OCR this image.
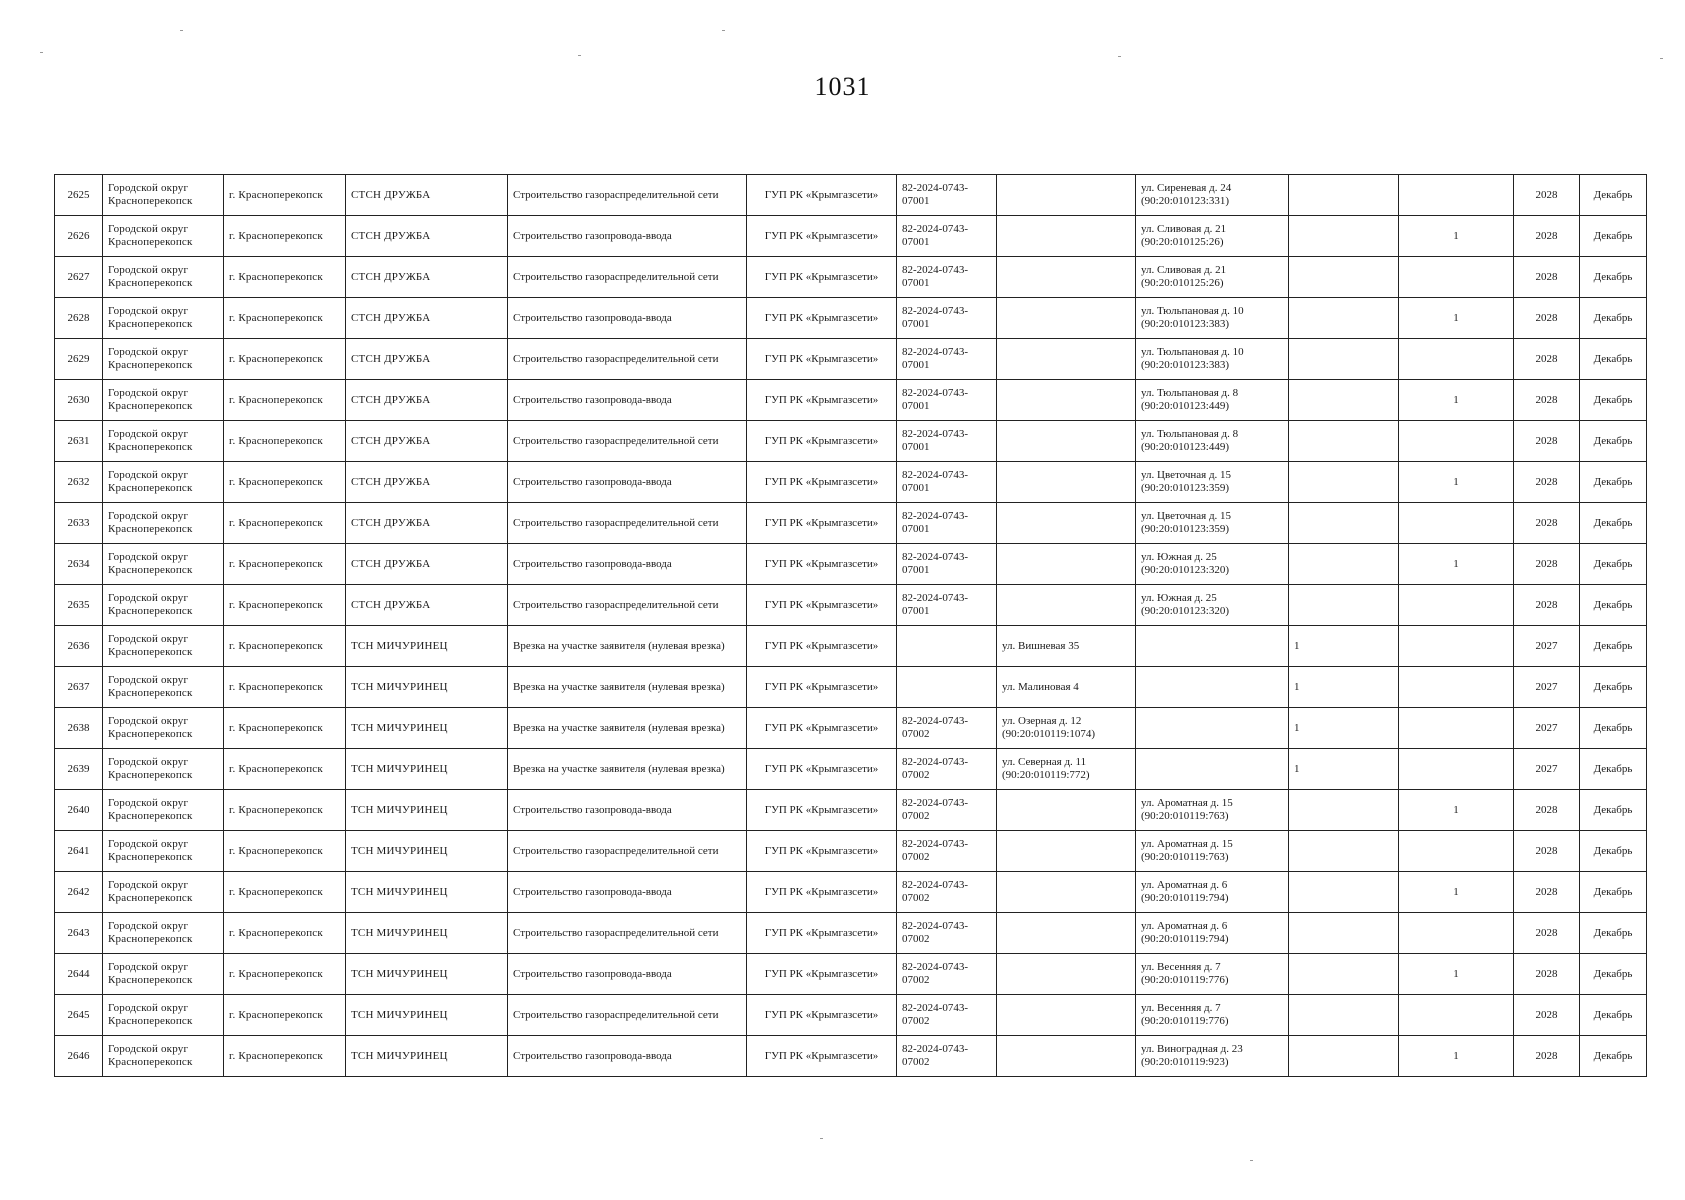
1031
2625	Городской округ Красноперекопск	г. Красноперекопск	СТСН ДРУЖБА	Строительство газораспределительной сети	ГУП РК «Крымгазсети»	82-2024-0743-07001		ул. Сиреневая д. 24 (90:20:010123:331)			2028	Декабрь
2626	Городской округ Красноперекопск	г. Красноперекопск	СТСН ДРУЖБА	Строительство газопровода-ввода	ГУП РК «Крымгазсети»	82-2024-0743-07001		ул. Сливовая д. 21 (90:20:010125:26)		1	2028	Декабрь
2627	Городской округ Красноперекопск	г. Красноперекопск	СТСН ДРУЖБА	Строительство газораспределительной сети	ГУП РК «Крымгазсети»	82-2024-0743-07001		ул. Сливовая д. 21 (90:20:010125:26)			2028	Декабрь
2628	Городской округ Красноперекопск	г. Красноперекопск	СТСН ДРУЖБА	Строительство газопровода-ввода	ГУП РК «Крымгазсети»	82-2024-0743-07001		ул. Тюльпановая д. 10 (90:20:010123:383)		1	2028	Декабрь
2629	Городской округ Красноперекопск	г. Красноперекопск	СТСН ДРУЖБА	Строительство газораспределительной сети	ГУП РК «Крымгазсети»	82-2024-0743-07001		ул. Тюльпановая д. 10 (90:20:010123:383)			2028	Декабрь
2630	Городской округ Красноперекопск	г. Красноперекопск	СТСН ДРУЖБА	Строительство газопровода-ввода	ГУП РК «Крымгазсети»	82-2024-0743-07001		ул. Тюльпановая д. 8 (90:20:010123:449)		1	2028	Декабрь
2631	Городской округ Красноперекопск	г. Красноперекопск	СТСН ДРУЖБА	Строительство газораспределительной сети	ГУП РК «Крымгазсети»	82-2024-0743-07001		ул. Тюльпановая д. 8 (90:20:010123:449)			2028	Декабрь
2632	Городской округ Красноперекопск	г. Красноперекопск	СТСН ДРУЖБА	Строительство газопровода-ввода	ГУП РК «Крымгазсети»	82-2024-0743-07001		ул. Цветочная д. 15 (90:20:010123:359)		1	2028	Декабрь
2633	Городской округ Красноперекопск	г. Красноперекопск	СТСН ДРУЖБА	Строительство газораспределительной сети	ГУП РК «Крымгазсети»	82-2024-0743-07001		ул. Цветочная д. 15 (90:20:010123:359)			2028	Декабрь
2634	Городской округ Красноперекопск	г. Красноперекопск	СТСН ДРУЖБА	Строительство газопровода-ввода	ГУП РК «Крымгазсети»	82-2024-0743-07001		ул. Южная д. 25 (90:20:010123:320)		1	2028	Декабрь
2635	Городской округ Красноперекопск	г. Красноперекопск	СТСН ДРУЖБА	Строительство газораспределительной сети	ГУП РК «Крымгазсети»	82-2024-0743-07001		ул. Южная д. 25 (90:20:010123:320)			2028	Декабрь
2636	Городской округ Красноперекопск	г. Красноперекопск	ТСН МИЧУРИНЕЦ	Врезка на участке заявителя (нулевая врезка)	ГУП РК «Крымгазсети»		ул. Вишневая 35		1		2027	Декабрь
2637	Городской округ Красноперекопск	г. Красноперекопск	ТСН МИЧУРИНЕЦ	Врезка на участке заявителя (нулевая врезка)	ГУП РК «Крымгазсети»		ул. Малиновая 4		1		2027	Декабрь
2638	Городской округ Красноперекопск	г. Красноперекопск	ТСН МИЧУРИНЕЦ	Врезка на участке заявителя (нулевая врезка)	ГУП РК «Крымгазсети»	82-2024-0743-07002	ул. Озерная д. 12 (90:20:010119:1074)		1		2027	Декабрь
2639	Городской округ Красноперекопск	г. Красноперекопск	ТСН МИЧУРИНЕЦ	Врезка на участке заявителя (нулевая врезка)	ГУП РК «Крымгазсети»	82-2024-0743-07002	ул. Северная д. 11 (90:20:010119:772)		1		2027	Декабрь
2640	Городской округ Красноперекопск	г. Красноперекопск	ТСН МИЧУРИНЕЦ	Строительство газопровода-ввода	ГУП РК «Крымгазсети»	82-2024-0743-07002		ул. Ароматная д. 15 (90:20:010119:763)		1	2028	Декабрь
2641	Городской округ Красноперекопск	г. Красноперекопск	ТСН МИЧУРИНЕЦ	Строительство газораспределительной сети	ГУП РК «Крымгазсети»	82-2024-0743-07002		ул. Ароматная д. 15 (90:20:010119:763)			2028	Декабрь
2642	Городской округ Красноперекопск	г. Красноперекопск	ТСН МИЧУРИНЕЦ	Строительство газопровода-ввода	ГУП РК «Крымгазсети»	82-2024-0743-07002		ул. Ароматная д. 6 (90:20:010119:794)		1	2028	Декабрь
2643	Городской округ Красноперекопск	г. Красноперекопск	ТСН МИЧУРИНЕЦ	Строительство газораспределительной сети	ГУП РК «Крымгазсети»	82-2024-0743-07002		ул. Ароматная д. 6 (90:20:010119:794)			2028	Декабрь
2644	Городской округ Красноперекопск	г. Красноперекопск	ТСН МИЧУРИНЕЦ	Строительство газопровода-ввода	ГУП РК «Крымгазсети»	82-2024-0743-07002		ул. Весенняя д. 7 (90:20:010119:776)		1	2028	Декабрь
2645	Городской округ Красноперекопск	г. Красноперекопск	ТСН МИЧУРИНЕЦ	Строительство газораспределительной сети	ГУП РК «Крымгазсети»	82-2024-0743-07002		ул. Весенняя д. 7 (90:20:010119:776)			2028	Декабрь
2646	Городской округ Красноперекопск	г. Красноперекопск	ТСН МИЧУРИНЕЦ	Строительство газопровода-ввода	ГУП РК «Крымгазсети»	82-2024-0743-07002		ул. Виноградная д. 23 (90:20:010119:923)		1	2028	Декабрь
